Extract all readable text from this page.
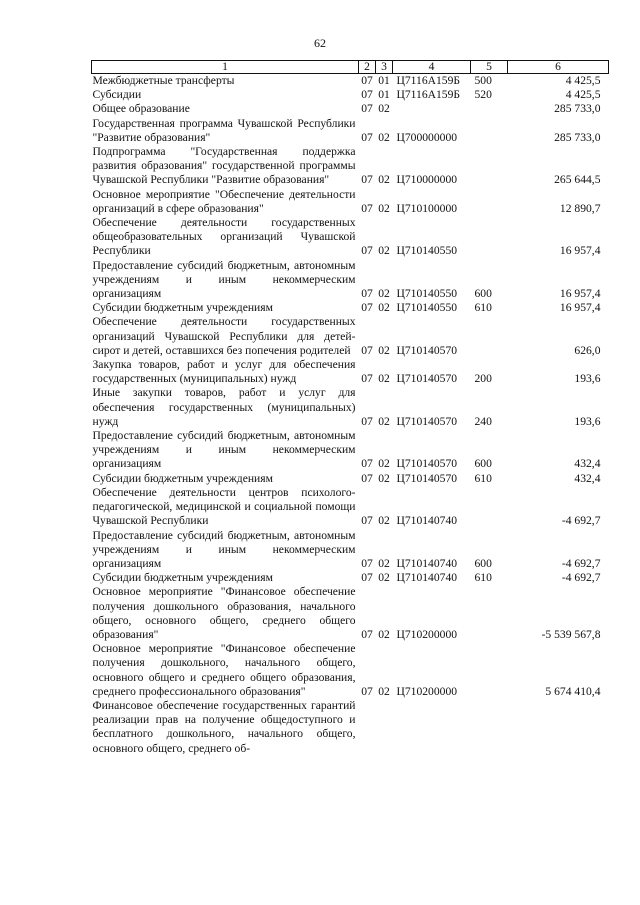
62
1	2	3	4	5	6
Межбюджетные трансферты	07	01	Ц7116А159Б	500	4 425,5
Субсидии	07	01	Ц7116А159Б	520	4 425,5
Общее образование	07	02			285 733,0
Государственная программа Чувашской Республики "Развитие образования"	07	02	Ц700000000		285 733,0
Подпрограмма "Государственная поддержка развития образования" государственной программы Чувашской Республики "Развитие образования"	07	02	Ц710000000		265 644,5
Основное мероприятие "Обеспечение деятельности организаций в сфере образования"	07	02	Ц710100000		12 890,7
Обеспечение деятельности государственных общеобразовательных организаций Чувашской Республики	07	02	Ц710140550		16 957,4
Предоставление субсидий бюджетным, автономным учреждениям и иным некоммерческим организациям	07	02	Ц710140550	600	16 957,4
Субсидии бюджетным учреждениям	07	02	Ц710140550	610	16 957,4
Обеспечение деятельности государственных организаций Чувашской Республики для детей-сирот и детей, оставшихся без попечения родителей	07	02	Ц710140570		626,0
Закупка товаров, работ и услуг для обеспечения государственных (муниципальных) нужд	07	02	Ц710140570	200	193,6
Иные закупки товаров, работ и услуг для обеспечения государственных (муниципальных) нужд	07	02	Ц710140570	240	193,6
Предоставление субсидий бюджетным, автономным учреждениям и иным некоммерческим организациям	07	02	Ц710140570	600	432,4
Субсидии бюджетным учреждениям	07	02	Ц710140570	610	432,4
Обеспечение деятельности центров психолого-педагогической, медицинской и социальной помощи Чувашской Республики	07	02	Ц710140740		-4 692,7
Предоставление субсидий бюджетным, автономным учреждениям и иным некоммерческим организациям	07	02	Ц710140740	600	-4 692,7
Субсидии бюджетным учреждениям	07	02	Ц710140740	610	-4 692,7
Основное мероприятие "Финансовое обеспечение получения дошкольного образования, начального общего, основного общего, среднего общего образования"	07	02	Ц710200000		-5 539 567,8
Основное мероприятие "Финансовое обеспечение получения дошкольного, начального общего, основного общего и среднего общего образования, среднего профессионального образования"	07	02	Ц710200000		5 674 410,4
Финансовое обеспечение государственных гарантий реализации прав на получение общедоступного и бесплатного дошкольного, начального общего, основного общего, среднего об-					
